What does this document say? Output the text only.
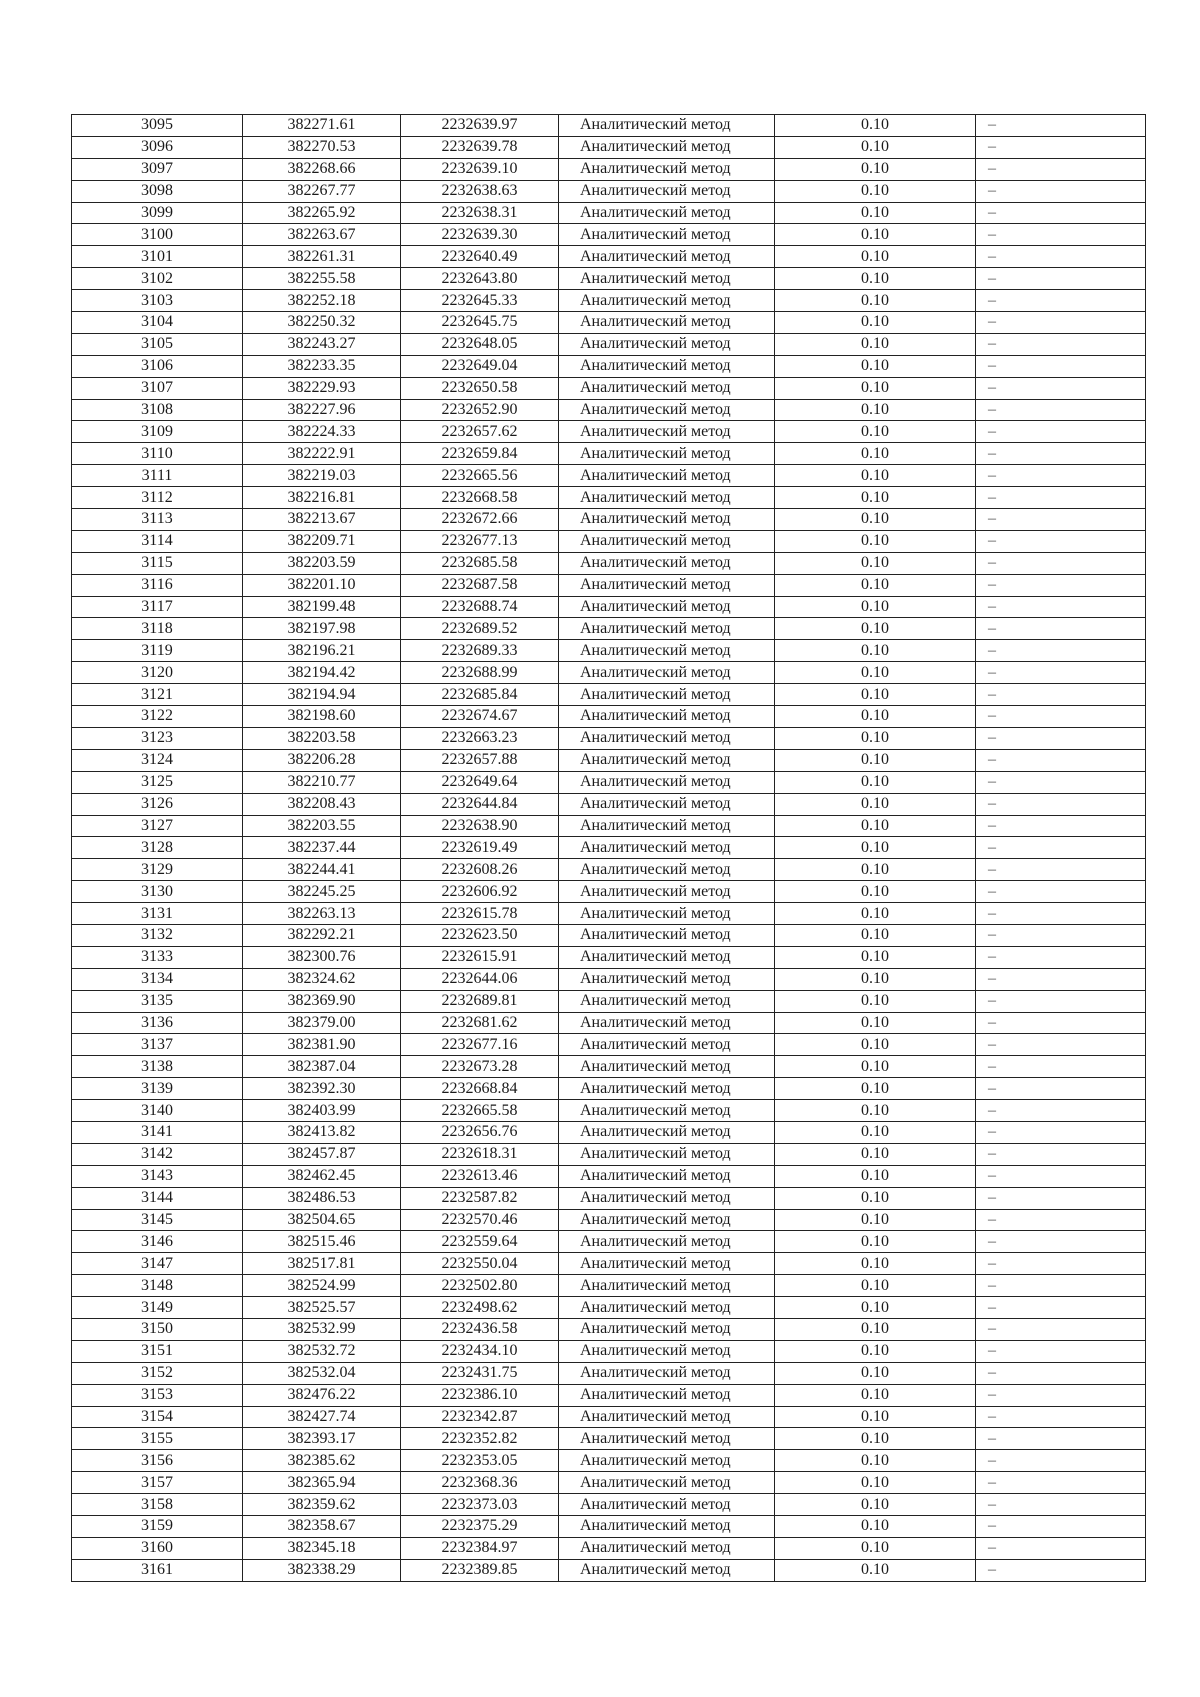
3095	382271.61	2232639.97	Аналитический метод	0.10	–
3096	382270.53	2232639.78	Аналитический метод	0.10	–
3097	382268.66	2232639.10	Аналитический метод	0.10	–
3098	382267.77	2232638.63	Аналитический метод	0.10	–
3099	382265.92	2232638.31	Аналитический метод	0.10	–
3100	382263.67	2232639.30	Аналитический метод	0.10	–
3101	382261.31	2232640.49	Аналитический метод	0.10	–
3102	382255.58	2232643.80	Аналитический метод	0.10	–
3103	382252.18	2232645.33	Аналитический метод	0.10	–
3104	382250.32	2232645.75	Аналитический метод	0.10	–
3105	382243.27	2232648.05	Аналитический метод	0.10	–
3106	382233.35	2232649.04	Аналитический метод	0.10	–
3107	382229.93	2232650.58	Аналитический метод	0.10	–
3108	382227.96	2232652.90	Аналитический метод	0.10	–
3109	382224.33	2232657.62	Аналитический метод	0.10	–
3110	382222.91	2232659.84	Аналитический метод	0.10	–
3111	382219.03	2232665.56	Аналитический метод	0.10	–
3112	382216.81	2232668.58	Аналитический метод	0.10	–
3113	382213.67	2232672.66	Аналитический метод	0.10	–
3114	382209.71	2232677.13	Аналитический метод	0.10	–
3115	382203.59	2232685.58	Аналитический метод	0.10	–
3116	382201.10	2232687.58	Аналитический метод	0.10	–
3117	382199.48	2232688.74	Аналитический метод	0.10	–
3118	382197.98	2232689.52	Аналитический метод	0.10	–
3119	382196.21	2232689.33	Аналитический метод	0.10	–
3120	382194.42	2232688.99	Аналитический метод	0.10	–
3121	382194.94	2232685.84	Аналитический метод	0.10	–
3122	382198.60	2232674.67	Аналитический метод	0.10	–
3123	382203.58	2232663.23	Аналитический метод	0.10	–
3124	382206.28	2232657.88	Аналитический метод	0.10	–
3125	382210.77	2232649.64	Аналитический метод	0.10	–
3126	382208.43	2232644.84	Аналитический метод	0.10	–
3127	382203.55	2232638.90	Аналитический метод	0.10	–
3128	382237.44	2232619.49	Аналитический метод	0.10	–
3129	382244.41	2232608.26	Аналитический метод	0.10	–
3130	382245.25	2232606.92	Аналитический метод	0.10	–
3131	382263.13	2232615.78	Аналитический метод	0.10	–
3132	382292.21	2232623.50	Аналитический метод	0.10	–
3133	382300.76	2232615.91	Аналитический метод	0.10	–
3134	382324.62	2232644.06	Аналитический метод	0.10	–
3135	382369.90	2232689.81	Аналитический метод	0.10	–
3136	382379.00	2232681.62	Аналитический метод	0.10	–
3137	382381.90	2232677.16	Аналитический метод	0.10	–
3138	382387.04	2232673.28	Аналитический метод	0.10	–
3139	382392.30	2232668.84	Аналитический метод	0.10	–
3140	382403.99	2232665.58	Аналитический метод	0.10	–
3141	382413.82	2232656.76	Аналитический метод	0.10	–
3142	382457.87	2232618.31	Аналитический метод	0.10	–
3143	382462.45	2232613.46	Аналитический метод	0.10	–
3144	382486.53	2232587.82	Аналитический метод	0.10	–
3145	382504.65	2232570.46	Аналитический метод	0.10	–
3146	382515.46	2232559.64	Аналитический метод	0.10	–
3147	382517.81	2232550.04	Аналитический метод	0.10	–
3148	382524.99	2232502.80	Аналитический метод	0.10	–
3149	382525.57	2232498.62	Аналитический метод	0.10	–
3150	382532.99	2232436.58	Аналитический метод	0.10	–
3151	382532.72	2232434.10	Аналитический метод	0.10	–
3152	382532.04	2232431.75	Аналитический метод	0.10	–
3153	382476.22	2232386.10	Аналитический метод	0.10	–
3154	382427.74	2232342.87	Аналитический метод	0.10	–
3155	382393.17	2232352.82	Аналитический метод	0.10	–
3156	382385.62	2232353.05	Аналитический метод	0.10	–
3157	382365.94	2232368.36	Аналитический метод	0.10	–
3158	382359.62	2232373.03	Аналитический метод	0.10	–
3159	382358.67	2232375.29	Аналитический метод	0.10	–
3160	382345.18	2232384.97	Аналитический метод	0.10	–
3161	382338.29	2232389.85	Аналитический метод	0.10	–
